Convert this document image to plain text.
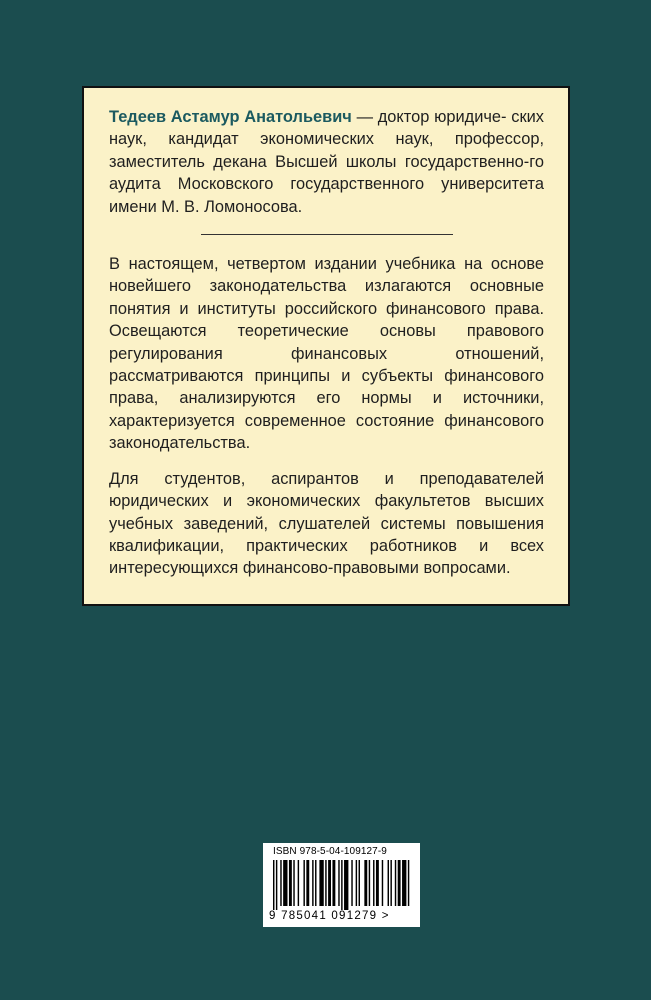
Тедеев Астамур Анатольевич — доктор юридиче- ских наук, кандидат экономических наук, профессор, заместитель декана Высшей школы государственно-го аудита Московского государственного университета имени М. В. Ломоносова.

В настоящем, четвертом издании учебника на основе новейшего законодательства излагаются основные понятия и институты российского финансового права. Освещаются теоретические основы правового регулирования финансовых отношений, рассматриваются принципы и субъекты финансового права, анализируются его нормы и источники, характеризуется современное состояние финансового законодательства.

Для студентов, аспирантов и преподавателей юридических и экономических факультетов высших учебных заведений, слушателей системы повышения квалификации, практических работников и всех интересующихся финансово-правовыми вопросами.

ISBN 978-5-04-109127-9
9 785041 091279 >
